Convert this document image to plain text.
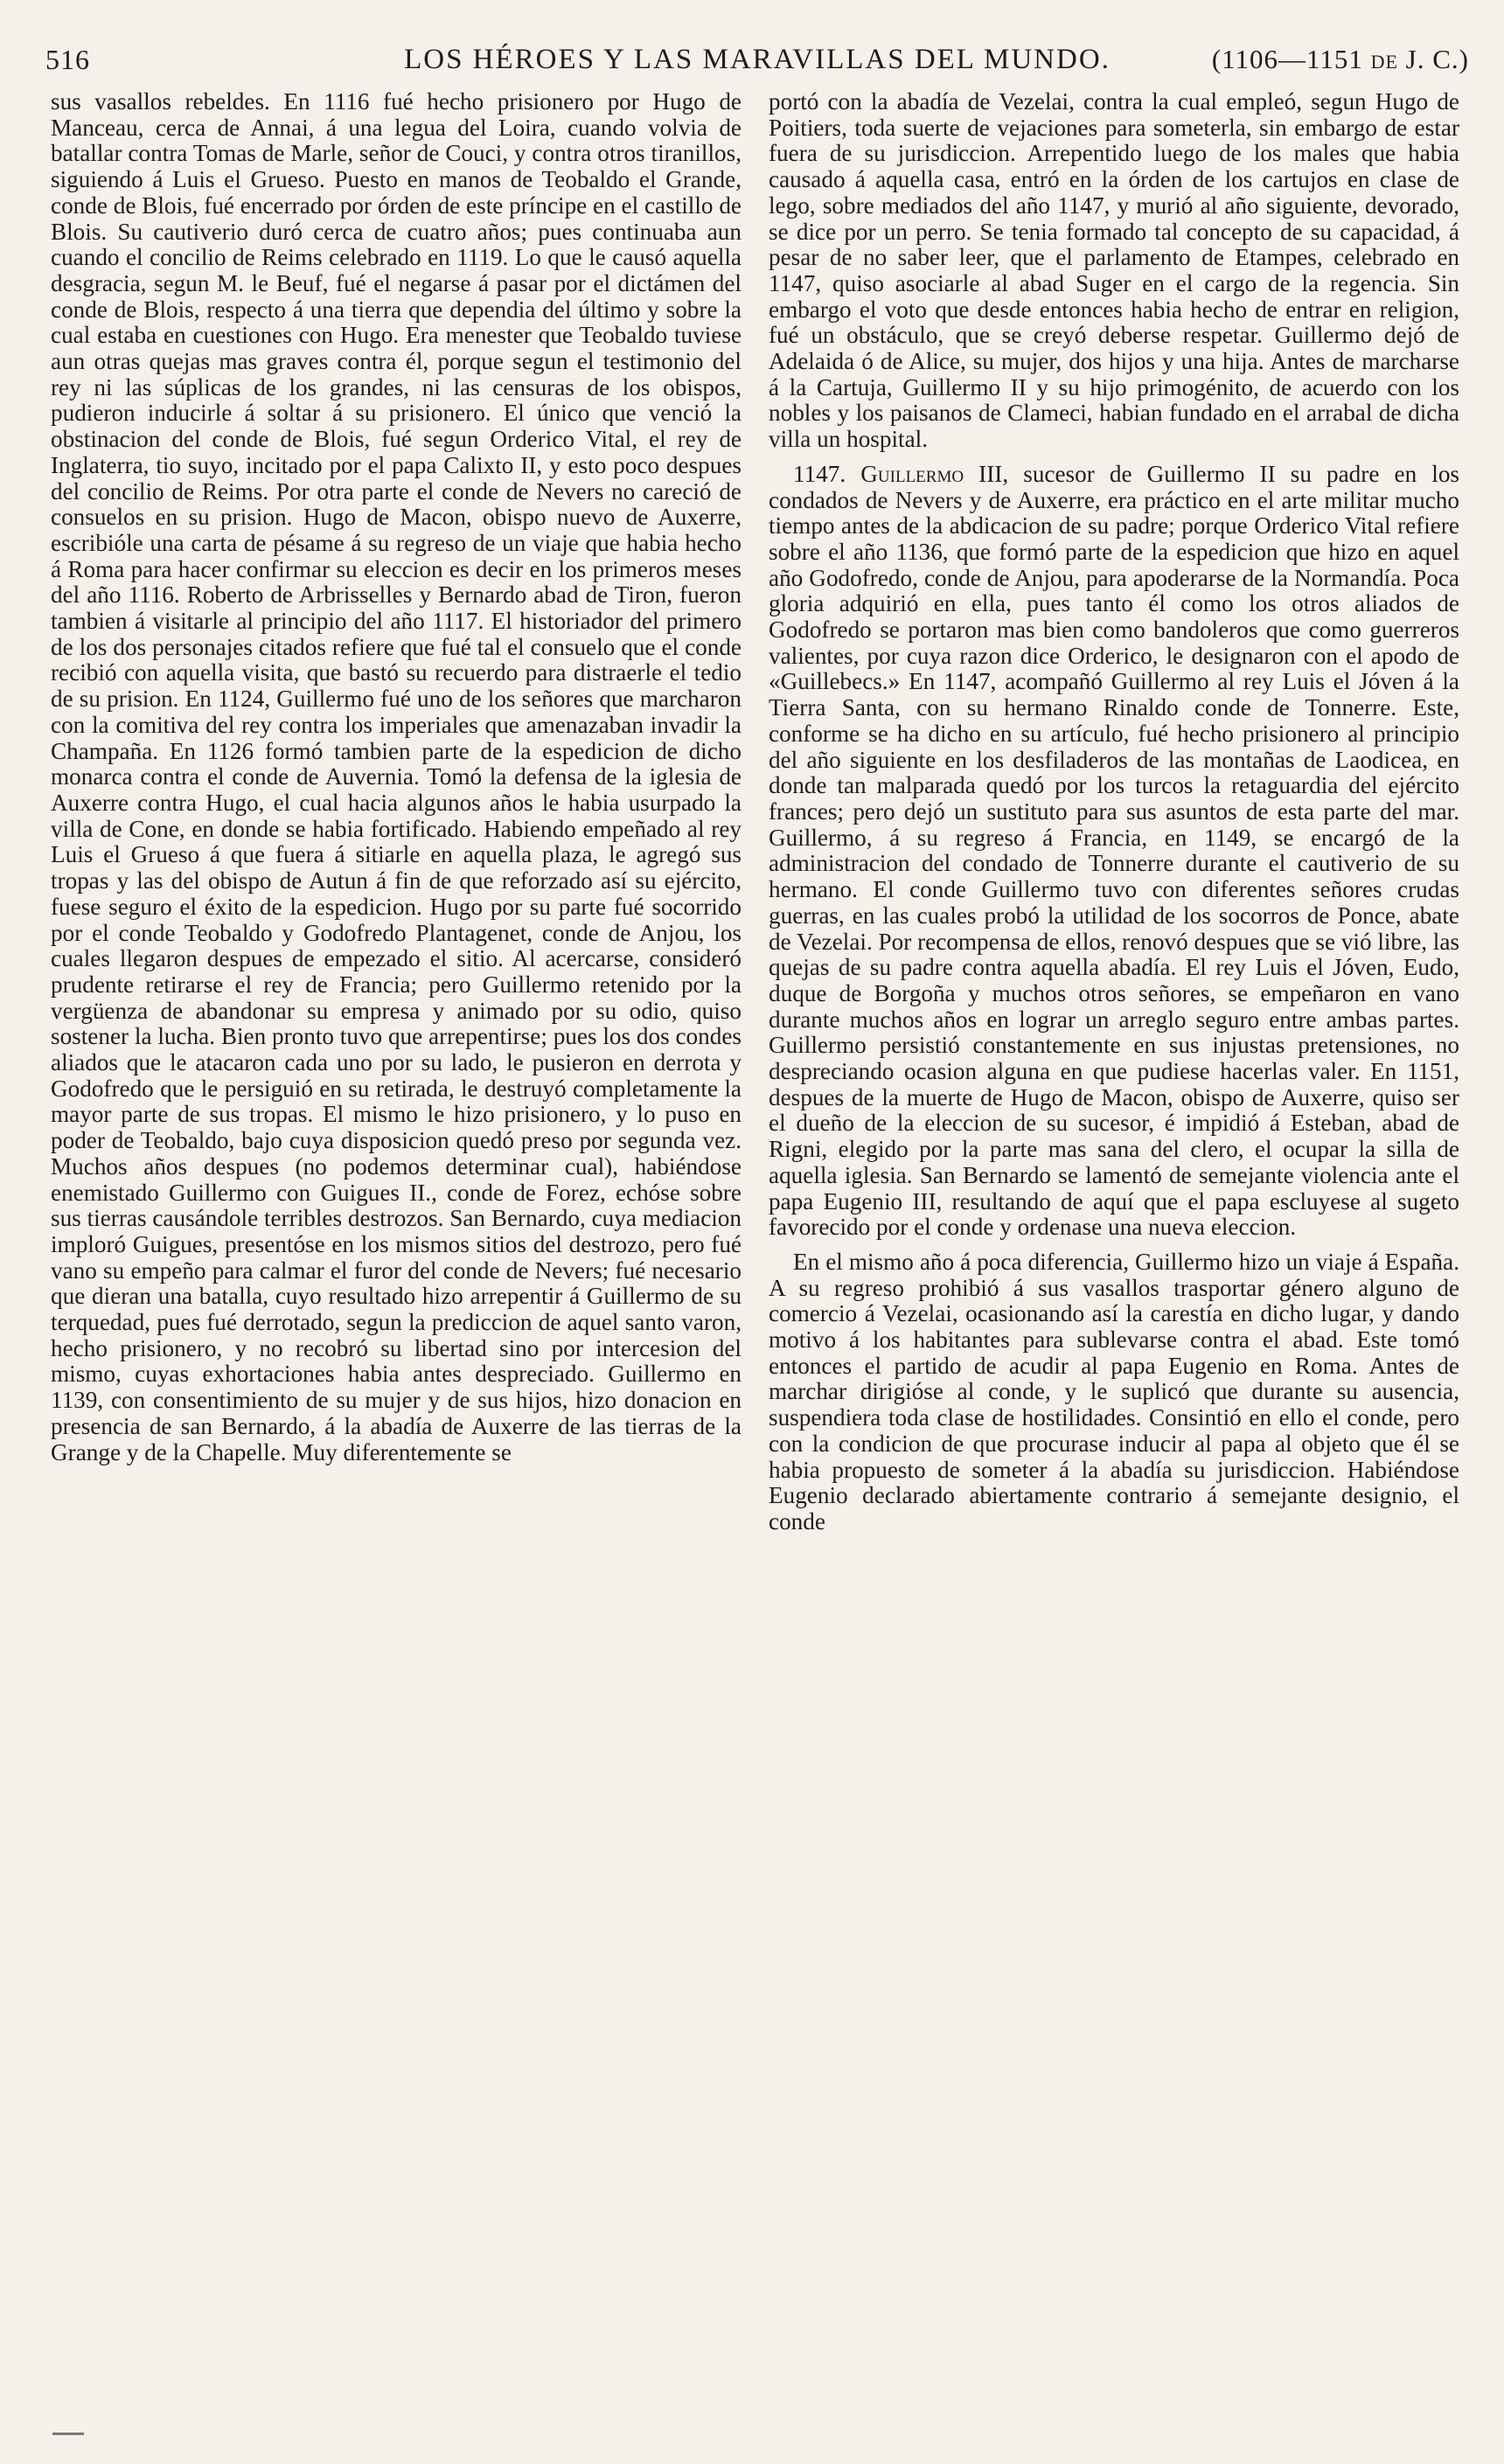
516	LOS HÉROES Y LAS MARAVILLAS DEL MUNDO.	(1106—1151 DE J. C.)

sus vasallos rebeldes. En 1116 fué hecho prisionero por Hugo de Manceau, cerca de Annai, á una legua del Loira, cuando volvia de batallar contra Tomas de Marle, señor de Couci, y contra otros tiranillos, siguiendo á Luis el Grueso. Puesto en manos de Teobaldo el Grande, conde de Blois, fué encerrado por órden de este príncipe en el castillo de Blois. Su cautiverio duró cerca de cuatro años; pues continuaba aun cuando el concilio de Reims celebrado en 1119. Lo que le causó aquella desgracia, segun M. le Beuf, fué el negarse á pasar por el dictámen del conde de Blois, respecto á una tierra que dependia del último y sobre la cual estaba en cuestiones con Hugo. Era menester que Teobaldo tuviese aun otras quejas mas graves contra él, porque segun el testimonio del rey ni las súplicas de los grandes, ni las censuras de los obispos, pudieron inducirle á soltar á su prisionero. El único que venció la obstinacion del conde de Blois, fué segun Orderico Vital, el rey de Inglaterra, tio suyo, incitado por el papa Calixto II, y esto poco despues del concilio de Reims. Por otra parte el conde de Nevers no careció de consuelos en su prision. Hugo de Macon, obispo nuevo de Auxerre, escribióle una carta de pésame á su regreso de un viaje que habia hecho á Roma para hacer confirmar su eleccion es decir en los primeros meses del año 1116. Roberto de Arbrisselles y Bernardo abad de Tiron, fueron tambien á visitarle al principio del año 1117. El historiador del primero de los dos personajes citados refiere que fué tal el consuelo que el conde recibió con aquella visita, que bastó su recuerdo para distraerle el tedio de su prision. En 1124, Guillermo fué uno de los señores que marcharon con la comitiva del rey contra los imperiales que amenazaban invadir la Champaña. En 1126 formó tambien parte de la espedicion de dicho monarca contra el conde de Auvernia. Tomó la defensa de la iglesia de Auxerre contra Hugo, el cual hacia algunos años le habia usurpado la villa de Cone, en donde se habia fortificado. Habiendo empeñado al rey Luis el Grueso á que fuera á sitiarle en aquella plaza, le agregó sus tropas y las del obispo de Autun á fin de que reforzado así su ejército, fuese seguro el éxito de la espedicion. Hugo por su parte fué socorrido por el conde Teobaldo y Godofredo Plantagenet, conde de Anjou, los cuales llegaron despues de empezado el sitio. Al acercarse, consideró prudente retirarse el rey de Francia; pero Guillermo retenido por la vergüenza de abandonar su empresa y animado por su odio, quiso sostener la lucha. Bien pronto tuvo que arrepentirse; pues los dos condes aliados que le atacaron cada uno por su lado, le pusieron en derrota y Godofredo que le persiguió en su retirada, le destruyó completamente la mayor parte de sus tropas. El mismo le hizo prisionero, y lo puso en poder de Teobaldo, bajo cuya disposicion quedó preso por segunda vez. Muchos años despues (no podemos determinar cual), habiéndose enemistado Guillermo con Guigues II., conde de Forez, echóse sobre sus tierras causándole terribles destrozos. San Bernardo, cuya mediacion imploró Guigues, presentóse en los mismos sitios del destrozo, pero fué vano su empeño para calmar el furor del conde de Nevers; fué necesario que dieran una batalla, cuyo resultado hizo arrepentir á Guillermo de su terquedad, pues fué derrotado, segun la prediccion de aquel santo varon, hecho prisionero, y no recobró su libertad sino por intercesion del mismo, cuyas exhortaciones habia antes despreciado. Guillermo en 1139, con consentimiento de su mujer y de sus hijos, hizo donacion en presencia de san Bernardo, á la abadía de Auxerre de las tierras de la Grange y de la Chapelle. Muy diferentemente se

portó con la abadía de Vezelai, contra la cual empleó, segun Hugo de Poitiers, toda suerte de vejaciones para someterla, sin embargo de estar fuera de su jurisdiccion. Arrepentido luego de los males que habia causado á aquella casa, entró en la órden de los cartujos en clase de lego, sobre mediados del año 1147, y murió al año siguiente, devorado, se dice por un perro. Se tenia formado tal concepto de su capacidad, á pesar de no saber leer, que el parlamento de Etampes, celebrado en 1147, quiso asociarle al abad Suger en el cargo de la regencia. Sin embargo el voto que desde entonces habia hecho de entrar en religion, fué un obstáculo, que se creyó deberse respetar. Guillermo dejó de Adelaida ó de Alice, su mujer, dos hijos y una hija. Antes de marcharse á la Cartuja, Guillermo II y su hijo primogénito, de acuerdo con los nobles y los paisanos de Clameci, habian fundado en el arrabal de dicha villa un hospital.

1147. Guillermo III, sucesor de Guillermo II su padre en los condados de Nevers y de Auxerre, era práctico en el arte militar mucho tiempo antes de la abdicacion de su padre; porque Orderico Vital refiere sobre el año 1136, que formó parte de la espedicion que hizo en aquel año Godofredo, conde de Anjou, para apoderarse de la Normandía. Poca gloria adquirió en ella, pues tanto él como los otros aliados de Godofredo se portaron mas bien como bandoleros que como guerreros valientes, por cuya razon dice Orderico, le designaron con el apodo de «Guillebecs.» En 1147, acompañó Guillermo al rey Luis el Jóven á la Tierra Santa, con su hermano Rinaldo conde de Tonnerre. Este, conforme se ha dicho en su artículo, fué hecho prisionero al principio del año siguiente en los desfiladeros de las montañas de Laodicea, en donde tan malparada quedó por los turcos la retaguardia del ejército frances; pero dejó un sustituto para sus asuntos de esta parte del mar. Guillermo, á su regreso á Francia, en 1149, se encargó de la administracion del condado de Tonnerre durante el cautiverio de su hermano. El conde Guillermo tuvo con diferentes señores crudas guerras, en las cuales probó la utilidad de los socorros de Ponce, abate de Vezelai. Por recompensa de ellos, renovó despues que se vió libre, las quejas de su padre contra aquella abadía. El rey Luis el Jóven, Eudo, duque de Borgoña y muchos otros señores, se empeñaron en vano durante muchos años en lograr un arreglo seguro entre ambas partes. Guillermo persistió constantemente en sus injustas pretensiones, no despreciando ocasion alguna en que pudiese hacerlas valer. En 1151, despues de la muerte de Hugo de Macon, obispo de Auxerre, quiso ser el dueño de la eleccion de su sucesor, é impidió á Esteban, abad de Rigni, elegido por la parte mas sana del clero, el ocupar la silla de aquella iglesia. San Bernardo se lamentó de semejante violencia ante el papa Eugenio III, resultando de aquí que el papa escluyese al sugeto favorecido por el conde y ordenase una nueva eleccion.

En el mismo año á poca diferencia, Guillermo hizo un viaje á España. A su regreso prohibió á sus vasallos trasportar género alguno de comercio á Vezelai, ocasionando así la carestía en dicho lugar, y dando motivo á los habitantes para sublevarse contra el abad. Este tomó entonces el partido de acudir al papa Eugenio en Roma. Antes de marchar dirigióse al conde, y le suplicó que durante su ausencia, suspendiera toda clase de hostilidades. Consintió en ello el conde, pero con la condicion de que procurase inducir al papa al objeto que él se habia propuesto de someter á la abadía su jurisdiccion. Habiéndose Eugenio declarado abiertamente contrario á semejante designio, el conde
